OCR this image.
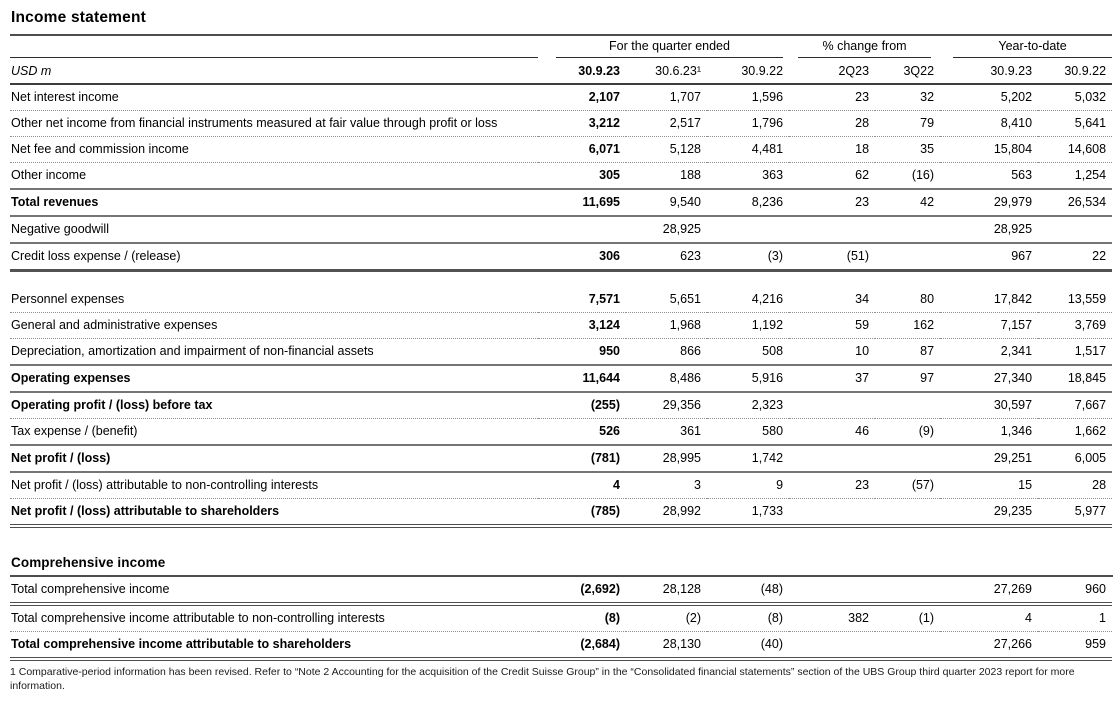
Income statement

	For the quarter ended			% change from		Year-to-date	

USD m	30.9.23	30.6.23¹	30.9.22	2Q23	3Q22	30.9.23	30.9.22
Net interest income	2,107	1,707	1,596	23	32	5,202	5,032
Other net income from financial instruments measured at fair value through profit or loss	3,212	2,517	1,796	28	79	8,410	5,641
Net fee and commission income	6,071	5,128	4,481	18	35	15,804	14,608
Other income	305	188	363	62	(16)	563	1,254
Total revenues	11,695	9,540	8,236	23	42	29,979	26,534
Negative goodwill		28,925				28,925	
Credit loss expense / (release)	306	623	(3)	(51)		967	22

Personnel expenses	7,571	5,651	4,216	34	80	17,842	13,559
General and administrative expenses	3,124	1,968	1,192	59	162	7,157	3,769
Depreciation, amortization and impairment of non-financial assets	950	866	508	10	87	2,341	1,517
Operating expenses	11,644	8,486	5,916	37	97	27,340	18,845
Operating profit / (loss) before tax	(255)	29,356	2,323			30,597	7,667
Tax expense / (benefit)	526	361	580	46	(9)	1,346	1,662
Net profit / (loss)	(781)	28,995	1,742			29,251	6,005
Net profit / (loss) attributable to non-controlling interests	4	3	9	23	(57)	15	28
Net profit / (loss) attributable to shareholders	(785)	28,992	1,733			29,235	5,977
Comprehensive income
Total comprehensive income	(2,692)	28,128	(48)			27,269	960
Total comprehensive income attributable to non-controlling interests	(8)	(2)	(8)	382	(1)	4	1
Total comprehensive income attributable to shareholders	(2,684)	28,130	(40)			27,266	959
1 Comparative-period information has been revised. Refer to “Note 2 Accounting for the acquisition of the Credit Suisse Group” in the “Consolidated financial statements” section of the UBS Group third quarter 2023 report for more information.
